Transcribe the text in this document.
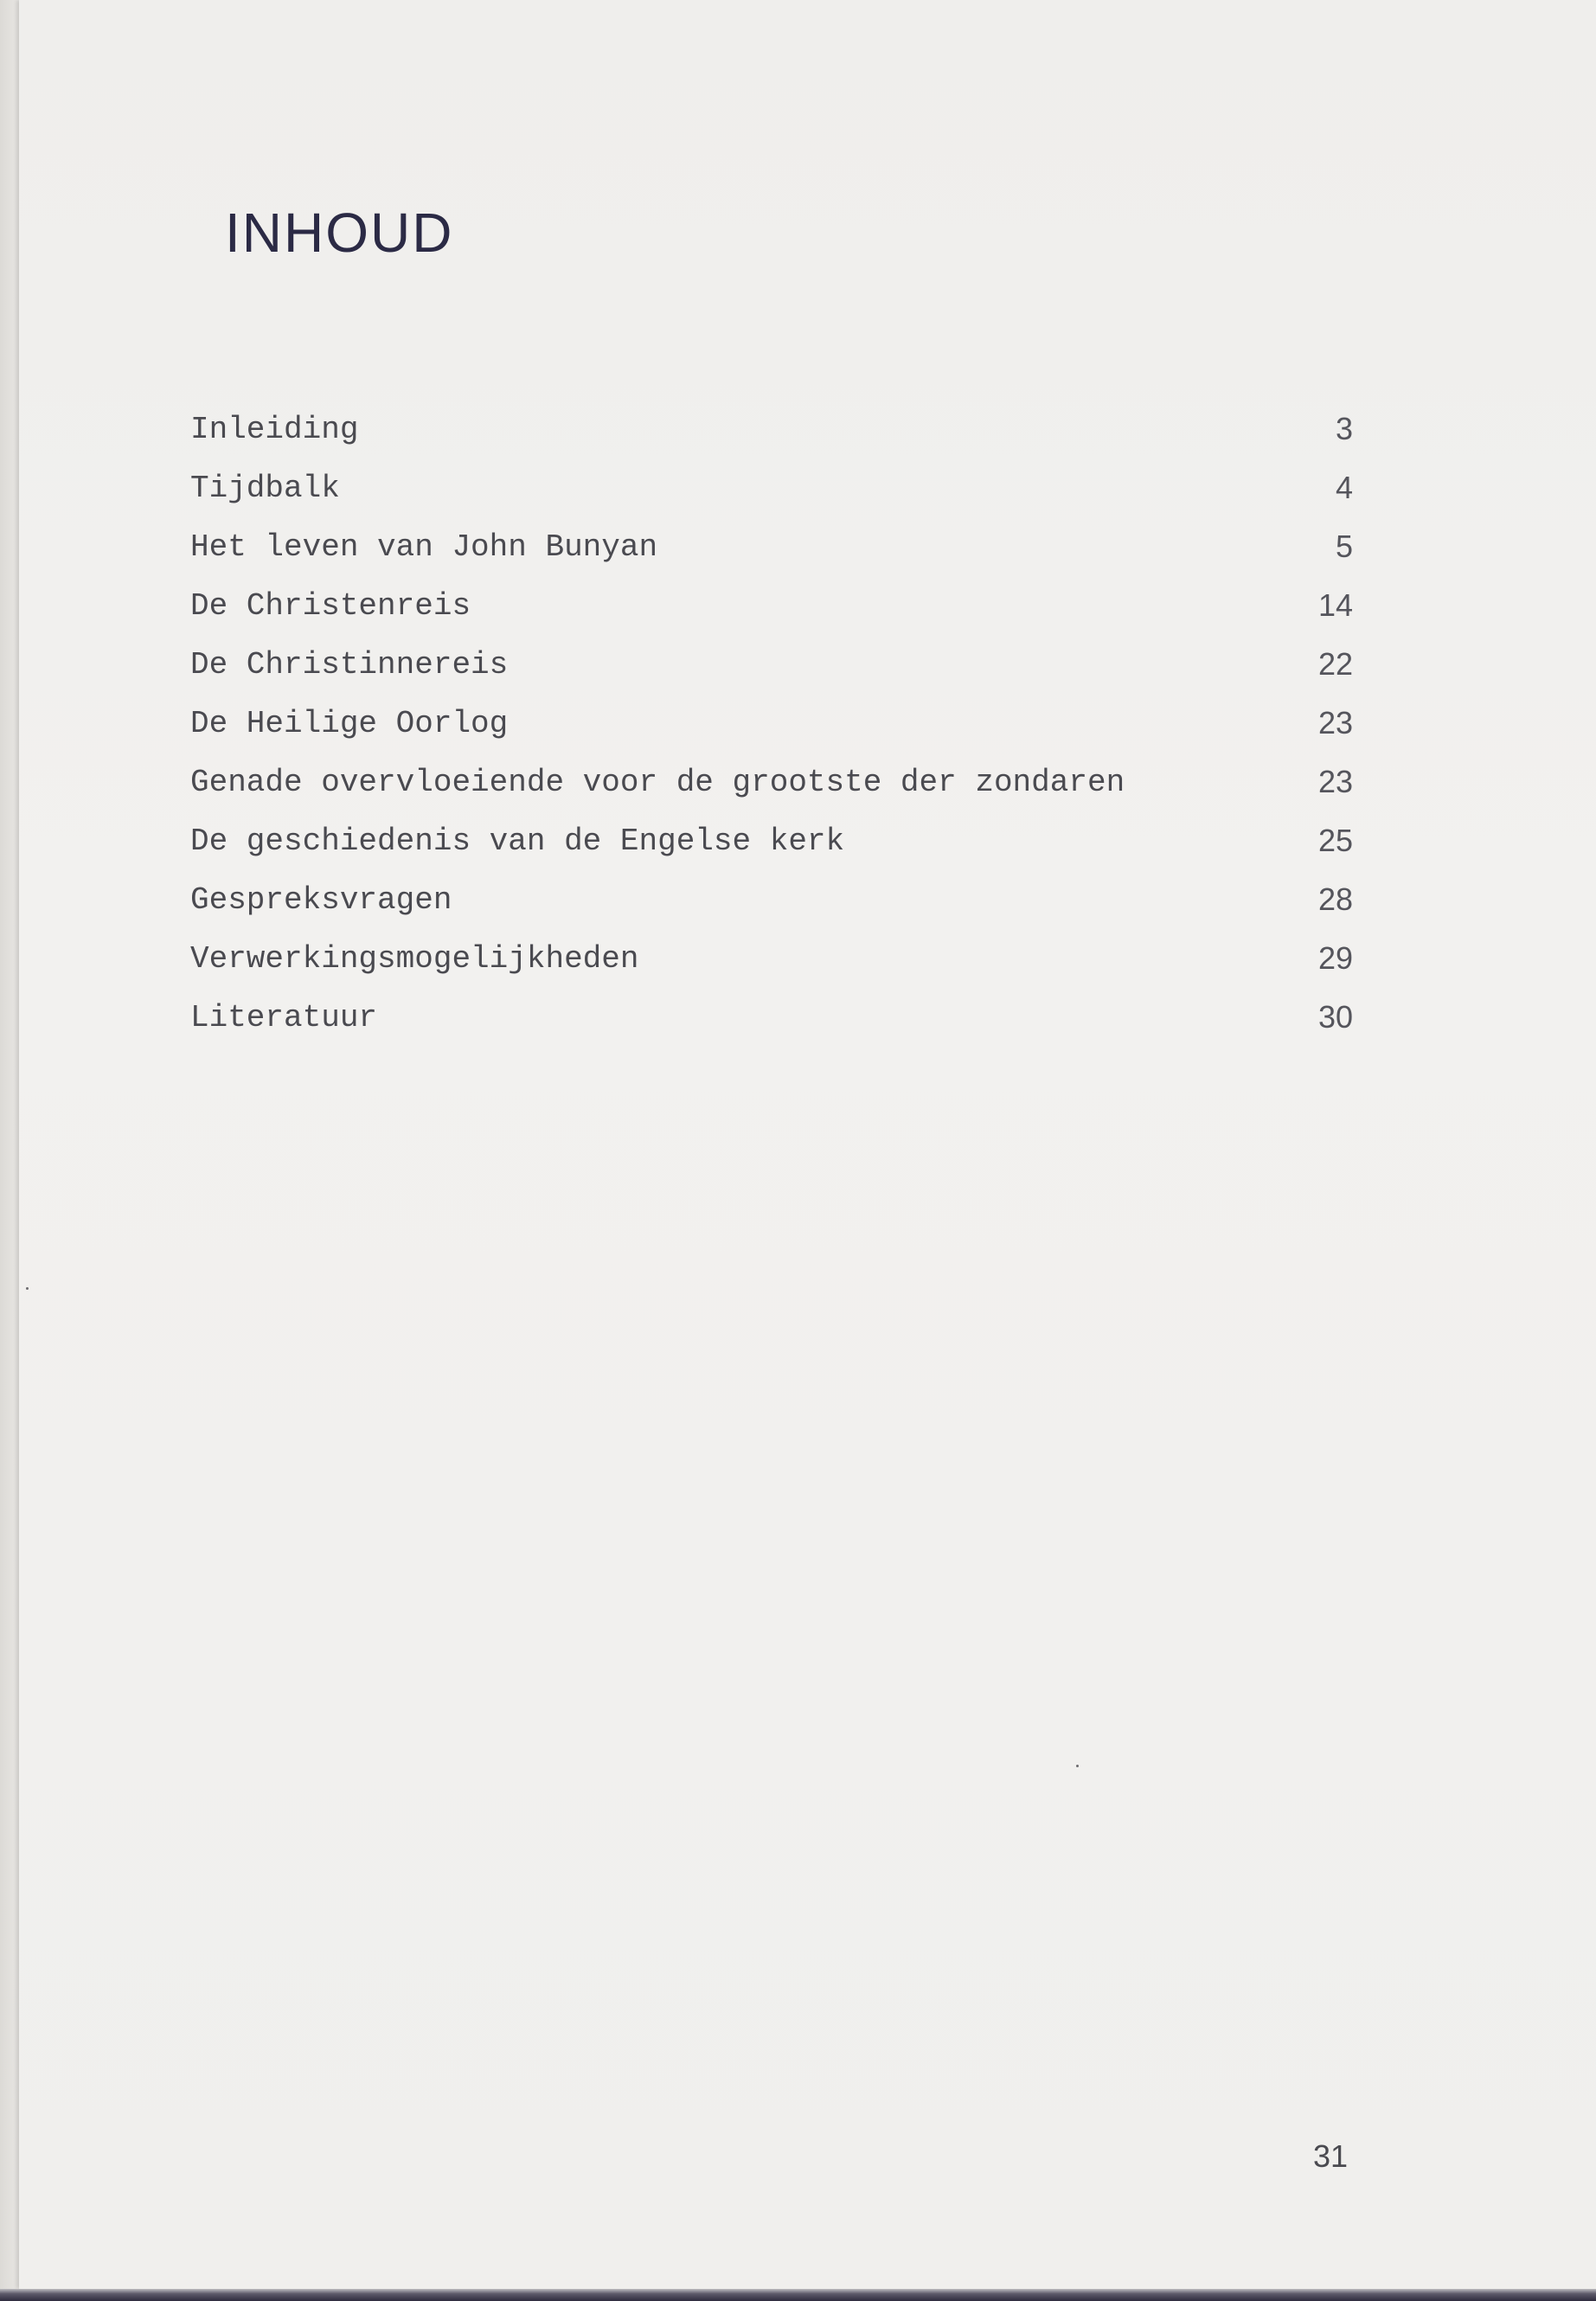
INHOUD
Inleiding	3
Tijdbalk	4
Het leven van John Bunyan	5
De Christenreis	14
De Christinnereis	22
De Heilige Oorlog	23
Genade overvloeiende voor de grootste der zondaren	23
De geschiedenis van de Engelse kerk	25
Gespreksvragen	28
Verwerkingsmogelijkheden	29
Literatuur	30

31
